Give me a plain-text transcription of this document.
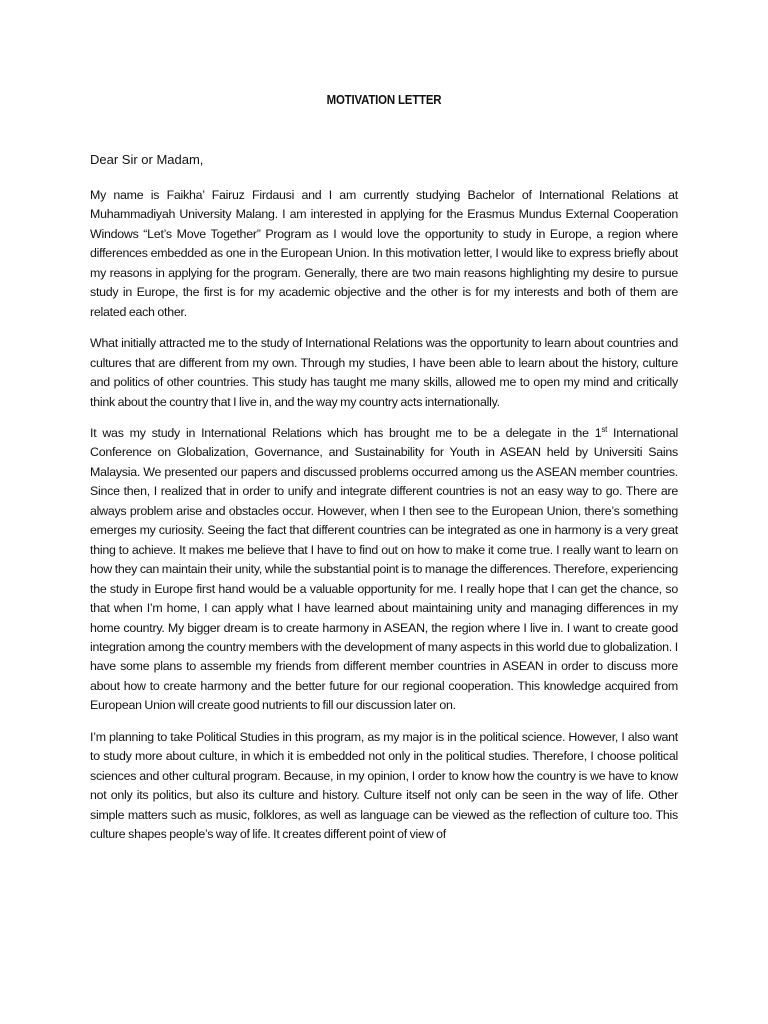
MOTIVATION LETTER
Dear Sir or Madam,

My name is Faikha’ Fairuz Firdausi and I am currently studying Bachelor of International Relations at Muhammadiyah University Malang. I am interested in applying for the Erasmus Mundus External Cooperation Windows “Let’s Move Together” Program as I would love the opportunity to study in Europe, a region where differences embedded as one in the European Union. In this motivation letter, I would like to express briefly about my reasons in applying for the program. Generally, there are two main reasons highlighting my desire to pursue study in Europe, the first is for my academic objective and the other is for my interests and both of them are related each other.

What initially attracted me to the study of International Relations was the opportunity to learn about countries and cultures that are different from my own. Through my studies, I have been able to learn about the history, culture and politics of other countries. This study has taught me many skills, allowed me to open my mind and critically think about the country that I live in, and the way my country acts internationally.

It was my study in International Relations which has brought me to be a delegate in the 1st International Conference on Globalization, Governance, and Sustainability for Youth in ASEAN held by Universiti Sains Malaysia. We presented our papers and discussed problems occurred among us the ASEAN member countries. Since then, I realized that in order to unify and integrate different countries is not an easy way to go. There are always problem arise and obstacles occur. However, when I then see to the European Union, there’s something emerges my curiosity. Seeing the fact that different countries can be integrated as one in harmony is a very great thing to achieve. It makes me believe that I have to find out on how to make it come true. I really want to learn on how they can maintain their unity, while the substantial point is to manage the differences. Therefore, experiencing the study in Europe first hand would be a valuable opportunity for me. I really hope that I can get the chance, so that when I’m home, I can apply what I have learned about maintaining unity and managing differences in my home country. My bigger dream is to create harmony in ASEAN, the region where I live in. I want to create good integration among the country members with the development of many aspects in this world due to globalization. I have some plans to assemble my friends from different member countries in ASEAN in order to discuss more about how to create harmony and the better future for our regional cooperation. This knowledge acquired from European Union will create good nutrients to fill our discussion later on.

I’m planning to take Political Studies in this program, as my major is in the political science. However, I also want to study more about culture, in which it is embedded not only in the political studies. Therefore, I choose political sciences and other cultural program. Because, in my opinion, I order to know how the country is we have to know not only its politics, but also its culture and history. Culture itself not only can be seen in the way of life. Other simple matters such as music, folklores, as well as language can be viewed as the reflection of culture too. This culture shapes people’s way of life. It creates different point of view of
